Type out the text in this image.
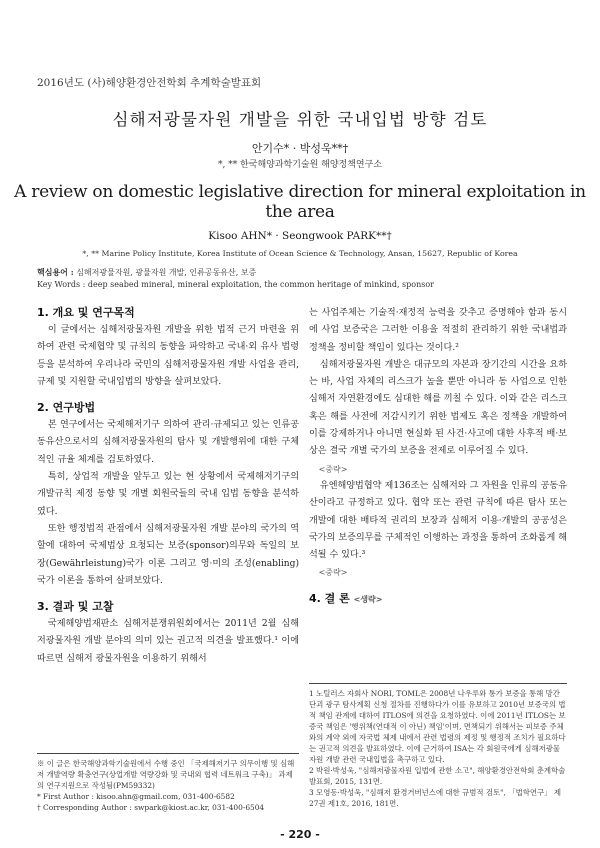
2016년도 (사)해양환경안전학회 추계학술발표회
심해저광물자원 개발을 위한 국내입법 방향 검토
안기수* · 박성욱**†
*, ** 한국해양과학기술원 해양정책연구소
A review on domestic legislative direction for mineral exploitation in the area
Kisoo AHN* · Seongwook PARK**†
*, ** Marine Policy Institute, Korea Institute of Ocean Science & Technology, Ansan, 15627, Republic of Korea
핵심용어 : 심해저광물자원, 광물자원 개발, 인류공동유산, 보증
Key Words : deep seabed mineral, mineral exploitation, the common heritage of minkind, sponsor
1. 개요 및 연구목적

이 글에서는 심해저광물자원 개발을 위한 법적 근거 마련을 위하여 관련 국제협약 및 규칙의 동향을 파악하고 국내·외 유사 법령 등을 분석하여 우리나라 국민의 심해저광물자원 개발 사업을 관리, 규제 및 지원할 국내입법의 방향을 살펴보았다.

2. 연구방법

본 연구에서는 국제해저기구 의하여 관리·규제되고 있는 인류공동유산으로서의 심해저광물자원의 탐사 및 개발행위에 대한 구체적인 규율 체계를 검토하였다.

특히, 상업적 개발을 앞두고 있는 현 상황에서 국제해저기구의 개발규칙 제정 동향 및 개별 회원국들의 국내 입법 동향을 분석하였다.

또한 행정법적 관점에서 심해저광물자원 개발 분야의 국가의 역할에 대하여 국제법상 요청되는 보증(sponsor)의무와 독일의 보장(Gewährleistung)국가 이론 그리고 영·미의 조성(enabling)국가 이론을 통하여 살펴보았다.

3. 결과 및 고찰

국제해양법재판소 심해저분쟁위원회에서는 2011년 2월 심해저광물자원 개발 분야의 의미 있는 권고적 의견을 발표했다.¹ 이에 따르면 심해저 광물자원을 이용하기 위해서

는 사업주체는 기술적·재정적 능력을 갖추고 증명해야 함과 동시에 사업 보증국은 그러한 이용을 적절히 관리하기 위한 국내법과 정책을 정비할 책임이 있다는 것이다.²

심해저광물자원 개발은 대규모의 자본과 장기간의 시간을 요하는 바, 사업 자체의 리스크가 높을 뿐만 아니라 동 사업으로 인한 심해저 자연환경에도 심대한 해를 끼칠 수 있다. 이와 같은 리스크 혹은 해를 사전에 저감시키기 위한 법제도 혹은 정책을 개발하여 이를 강제하거나 아니면 현실화 된 사건·사고에 대한 사후적 배·보상은 결국 개별 국가의 보증을 전제로 이루어질 수 있다.

<중략>

유엔해양법협약 제136조는 심해저와 그 자원을 인류의 공동유산이라고 규정하고 있다. 협약 또는 관련 규칙에 따른 탐사 또는 개발에 대한 배타적 권리의 보장과 심해저 이용·개발의 공공성은 국가의 보증의무를 구체적인 이행하는 과정을 통하여 조화롭게 해석될 수 있다.³

<중략>

4. 결 론 <생략>

1 노틸러스 자회사 NORI, TOML은 2008년 나우루와 통가 보증을 통해 망간단괴 광구 탐사계획 신청 절차를 진행하다가 이를 유보하고 2010년 보증국의 법적 책임 관계에 대하여 ITLOS에 의견을 요청하였다. 이에 2011년 ITLOS는 보증국 책임은 '행위책(연대적 이 아닌) 책임'이며, 면책되기 위해서는 피보증 주체와의 계약 외에 자국법 체제 내에서 관련 법령의 제정 및 행정적 조치가 필요하다는 권고적 의견을 발표하였다. 이에 근거하여 ISA는 각 회원국에게 심해저광물자원 개발 관련 국내입법을 촉구하고 있다.

2 박원·박성욱, "심해저광물자원 입법에 관한 소고", 해양환경안전학회 춘계학술발표회, 2015, 131면.

3 모영동·박성욱, "심해저 환경거버넌스에 대한 규범적 검토", 「법학연구」 제27권 제1호, 2016, 181면.

※ 이 글은 한국해양과학기술원에서 수행 중인 「국제해저기구 의무이행 및 심해저 개발역량 확충연구(상업개발 역량강화 및 국내외 협력 네트워크 구축)」 과제의 연구지원으로 작성됨(PM59332)

* First Author : kisoo.ahn@gmail.com, 031-400-6582

† Corresponding Author : swpark@kiost.ac.kr, 031-400-6504

- 220 -
